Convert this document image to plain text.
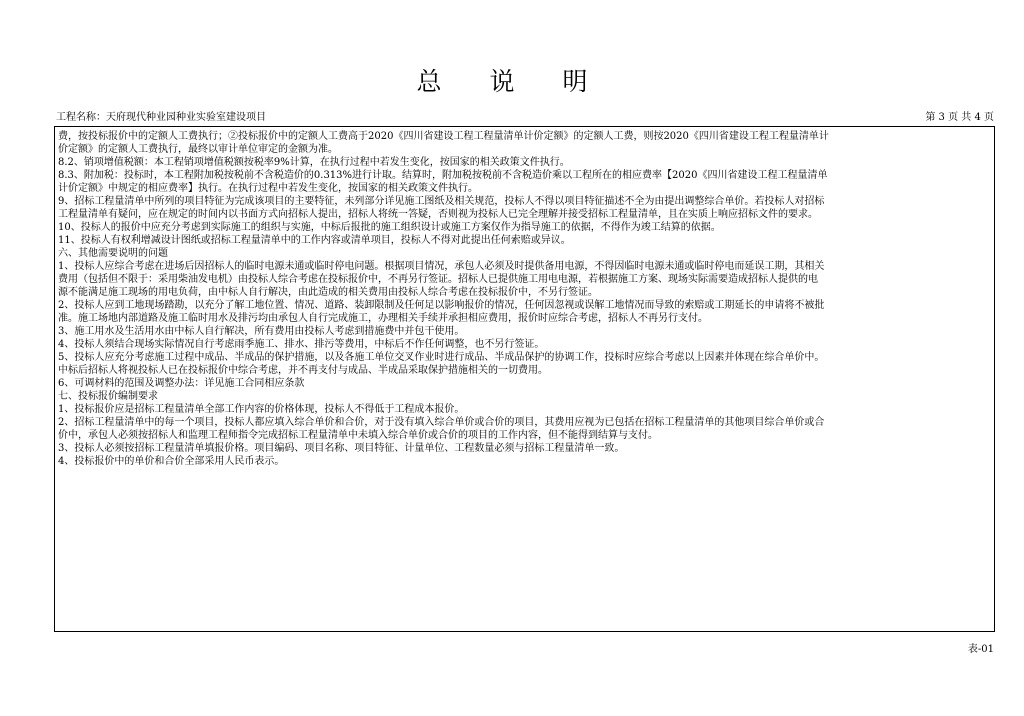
总 说 明
工程名称：天府现代种业园种业实验室建设项目	第 3 页 共 4 页
费，按投标报价中的定额人工费执行；②投标报价中的定额人工费高于2020《四川省建设工程工程量清单计价定额》的定额人工费，则按2020《四川省建设工程工程量清单计
价定额》的定额人工费执行，最终以审计单位审定的金额为准。
8.2、销项增值税额：本工程销项增值税额按税率9%计算，在执行过程中若发生变化，按国家的相关政策文件执行。
8.3、附加税：投标时，本工程附加税按税前不含税造价的0.313%进行计取。结算时，附加税按税前不含税造价乘以工程所在的相应费率【2020《四川省建设工程工程量清单
计价定额》中规定的相应费率】执行。在执行过程中若发生变化，按国家的相关政策文件执行。
9、招标工程量清单中所列的项目特征为完成该项目的主要特征，未列部分详见施工图纸及相关规范，投标人不得以项目特征描述不全为由提出调整综合单价。若投标人对招标
工程量清单有疑问，应在规定的时间内以书面方式向招标人提出，招标人将统一答疑，否则视为投标人已完全理解并接受招标工程量清单，且在实质上响应招标文件的要求。
10、投标人的报价中应充分考虑到实际施工的组织与实施，中标后报批的施工组织设计或施工方案仅作为指导施工的依据，不得作为竣工结算的依据。
11、投标人有权利增减设计图纸或招标工程量清单中的工作内容或清单项目，投标人不得对此提出任何索赔或异议。
六、其他需要说明的问题
1、投标人应综合考虑在进场后因招标人的临时电源未通或临时停电问题。根据项目情况，承包人必须及时提供备用电源，不得因临时电源未通或临时停电而延误工期，其相关
费用（包括但不限于：采用柴油发电机）由投标人综合考虑在投标报价中，不再另行签证。招标人已提供施工用电电源，若根据施工方案、现场实际需要造成招标人提供的电
源不能满足施工现场的用电负荷，由中标人自行解决，由此造成的相关费用由投标人综合考虑在投标报价中，不另行签证。
2、投标人应到工地现场踏勘，以充分了解工地位置、情况、道路、装卸限制及任何足以影响报价的情况，任何因忽视或误解工地情况而导致的索赔或工期延长的申请将不被批
准。施工场地内部道路及施工临时用水及排污均由承包人自行完成施工，办理相关手续并承担相应费用，报价时应综合考虑，招标人不再另行支付。
3、施工用水及生活用水由中标人自行解决，所有费用由投标人考虑到措施费中并包干使用。
4、投标人须结合现场实际情况自行考虑雨季施工、排水、排污等费用，中标后不作任何调整，也不另行签证。
5、投标人应充分考虑施工过程中成品、半成品的保护措施，以及各施工单位交叉作业时进行成品、半成品保护的协调工作，投标时应综合考虑以上因素并体现在综合单价中。
中标后招标人将视投标人已在投标报价中综合考虑，并不再支付与成品、半成品采取保护措施相关的一切费用。
6、可调材料的范围及调整办法：详见施工合同相应条款
七、投标报价编制要求
1、投标报价应是招标工程量清单全部工作内容的价格体现，投标人不得低于工程成本报价。
2、招标工程量清单中的每一个项目，投标人都应填入综合单价和合价，对于没有填入综合单价或合价的项目，其费用应视为已包括在招标工程量清单的其他项目综合单价或合
价中，承包人必须按招标人和监理工程师指令完成招标工程量清单中未填入综合单价或合价的项目的工作内容，但不能得到结算与支付。
3、投标人必须按招标工程量清单填报价格。项目编码、项目名称、项目特征、计量单位、工程数量必须与招标工程量清单一致。
4、投标报价中的单价和合价全部采用人民币表示。
表-01
